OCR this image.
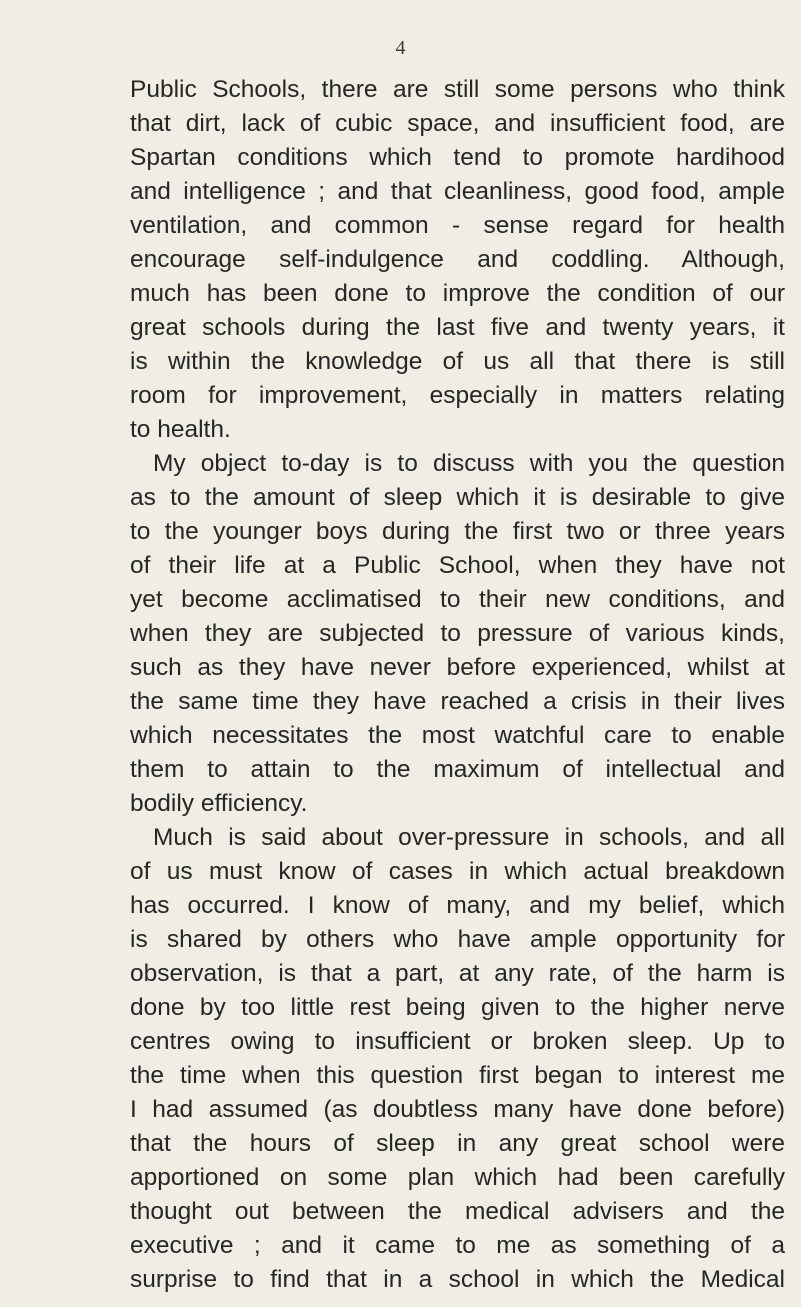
4

Public Schools, there are still some persons who think

that dirt, lack of cubic space, and insufficient food, are

Spartan conditions which tend to promote hardihood

and intelligence ; and that cleanliness, good food, ample

ventilation, and common - sense regard for health

encourage self-indulgence and coddling. Although,

much has been done to improve the condition of our

great schools during the last five and twenty years, it

is within the knowledge of us all that there is still

room for improvement, especially in matters relating

to health.

My object to-day is to discuss with you the question

as to the amount of sleep which it is desirable to give

to the younger boys during the first two or three years

of their life at a Public School, when they have not

yet become acclimatised to their new conditions, and

when they are subjected to pressure of various kinds,

such as they have never before experienced, whilst at

the same time they have reached a crisis in their lives

which necessitates the most watchful care to enable

them to attain to the maximum of intellectual and

bodily efficiency.

Much is said about over-pressure in schools, and all

of us must know of cases in which actual breakdown

has occurred. I know of many, and my belief, which

is shared by others who have ample opportunity for

observation, is that a part, at any rate, of the harm is

done by too little rest being given to the higher nerve

centres owing to insufficient or broken sleep. Up to

the time when this question first began to interest me

I had assumed (as doubtless many have done before)

that the hours of sleep in any great school were

apportioned on some plan which had been carefully

thought out between the medical advisers and the

executive ; and it came to me as something of a

surprise to find that in a school in which the Medical
